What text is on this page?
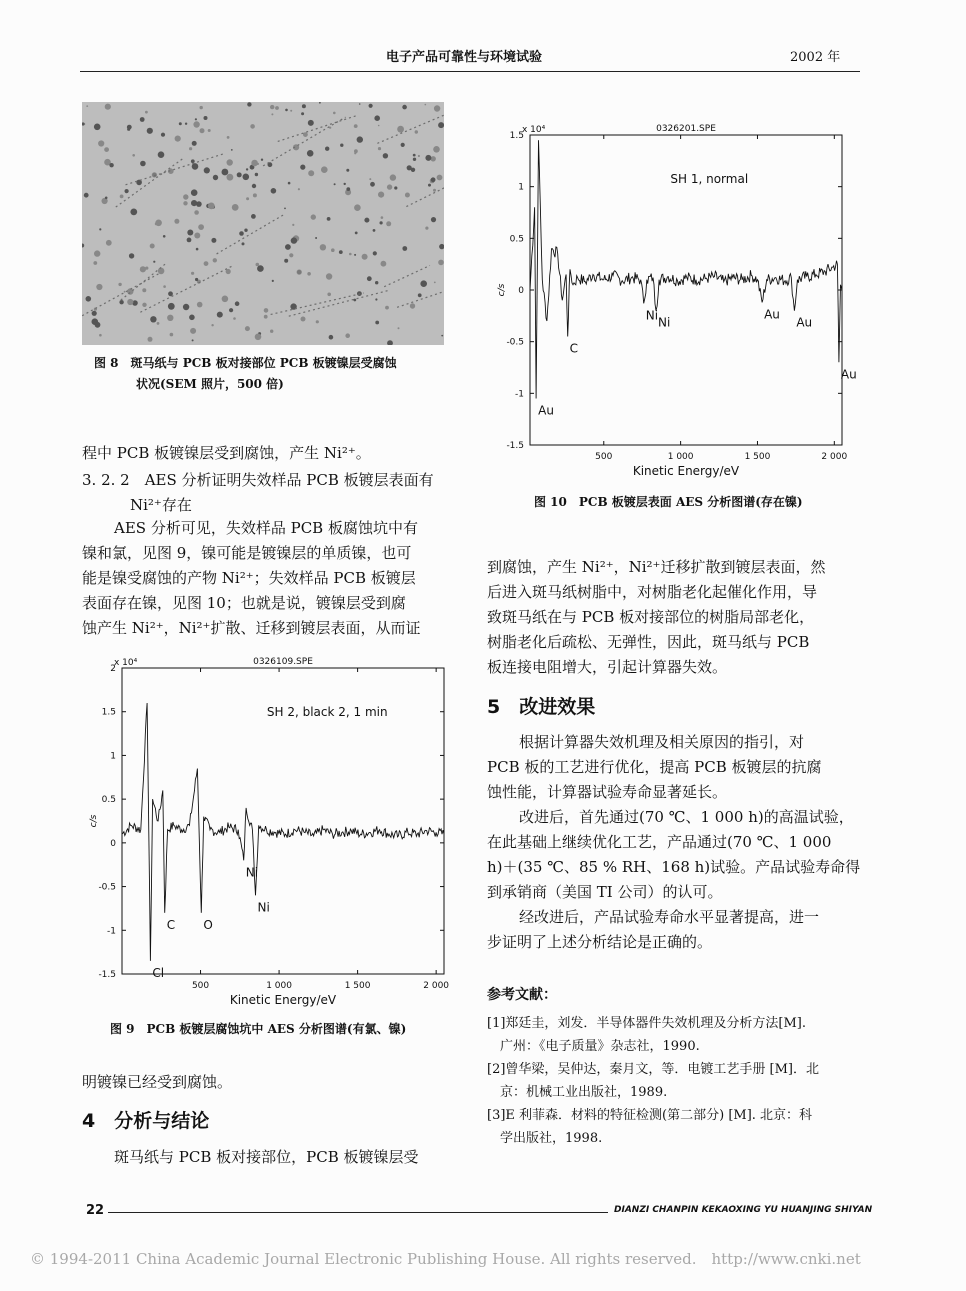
电子产品可靠性与环境试验	2002 年
图 8　斑马纸与 PCB 板对接部位 PCB 板镀镍层受腐蚀
状况(SEM 照片，500 倍)
程中 PCB 板镀镍层受到腐蚀，产生 Ni²⁺。
3. 2. 2　AES 分析证明失效样品 PCB 板镀层表面有
Ni²⁺存在
AES 分析可见，失效样品 PCB 板腐蚀坑中有
镍和氯，见图 9，镍可能是镀镍层的单质镍，也可
能是镍受腐蚀的产物 Ni²⁺；失效样品 PCB 板镀层
表面存在镍，见图 10；也就是说，镀镍层受到腐
蚀产生 Ni²⁺，Ni²⁺扩散、迁移到镀层表面，从而证
0326109.SPE
x 10⁴
SH 2, black 2, 1 min
2
1.5
1
0.5
0
-0.5
-1
-1.5
500	1 000	1 500	2 000
Kinetic Energy/eV
c/s
Cl
C O
Ni
Ni
图 9　PCB 板镀层腐蚀坑中 AES 分析图谱(有氯、镍)
明镀镍已经受到腐蚀。
4　分析与结论
斑马纸与 PCB 板对接部位，PCB 板镀镍层受
0326201.SPE
x 10⁴
SH 1, normal
1.5
1
0.5
0
-0.5
-1
-1.5
500	1 000	1 500	2 000
Kinetic Energy/eV
c/s
Au
C
Ni
Ni
Au
Au
Au
图 10　PCB 板镀层表面 AES 分析图谱(存在镍)
到腐蚀，产生 Ni²⁺，Ni²⁺迁移扩散到镀层表面，然
后进入斑马纸树脂中，对树脂老化起催化作用，导
致斑马纸在与 PCB 板对接部位的树脂局部老化，
树脂老化后疏松、无弹性，因此，斑马纸与 PCB
板连接电阻增大，引起计算器失效。
5　改进效果
根据计算器失效机理及相关原因的指引，对
PCB 板的工艺进行优化，提高 PCB 板镀层的抗腐
蚀性能，计算器试验寿命显著延长。
改进后，首先通过(70 ℃、1 000 h)的高温试验，
在此基础上继续优化工艺，产品通过(70 ℃、1 000
h)＋(35 ℃、85 % RH、168 h)试验。产品试验寿命得
到承销商（美国 TI 公司）的认可。
经改进后，产品试验寿命水平显著提高，进一
步证明了上述分析结论是正确的。
参考文献：
[1]郑廷圭，刘发．半导体器件失效机理及分析方法[M].
　广州：《电子质量》杂志社，1990.
[2]曾华梁，吴仲达，秦月文，等．电镀工艺手册 [M]．北
　京：机械工业出版社，1989.
[3]E 利菲森．材料的特征检测(第二部分) [M]. 北京：科
　学出版社，1998.
22	DIANZI CHANPIN KEKAOXING YU HUANJING SHIYAN
© 1994-2011 China Academic Journal Electronic Publishing House. All rights reserved.　http://www.cnki.net
